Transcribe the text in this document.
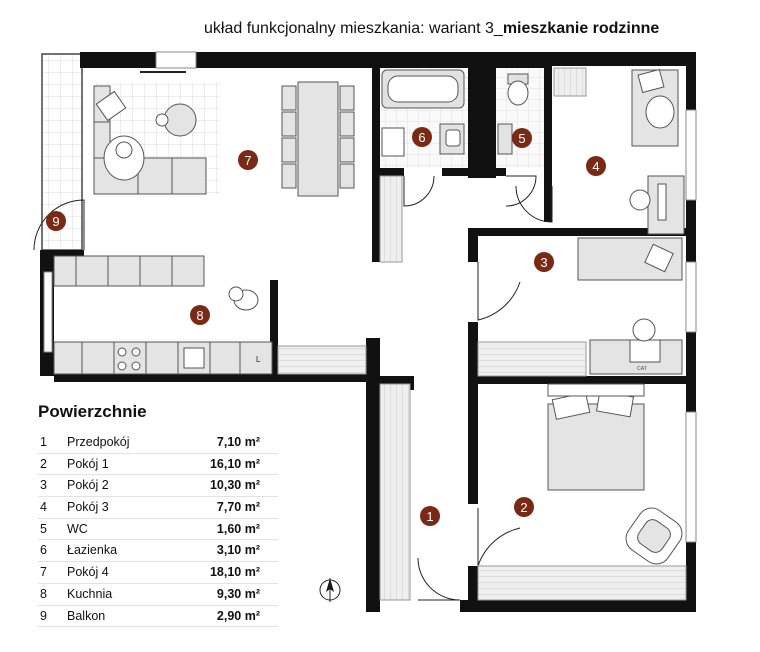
układ funkcjonalny mieszkania: wariant 3_mieszkanie rodzinne
L
CAT
1
2
3
4
5
6
7
8
9
Powierzchnie
1 Przedpokój	7,10 m²
2 Pokój 1	16,10 m²
3 Pokój 2	10,30 m²
4 Pokój 3	7,70 m²
5 WC	1,60 m²
6 Łazienka	3,10 m²
7 Pokój 4	18,10 m²
8 Kuchnia	9,30 m²
9 Balkon	2,90 m²
